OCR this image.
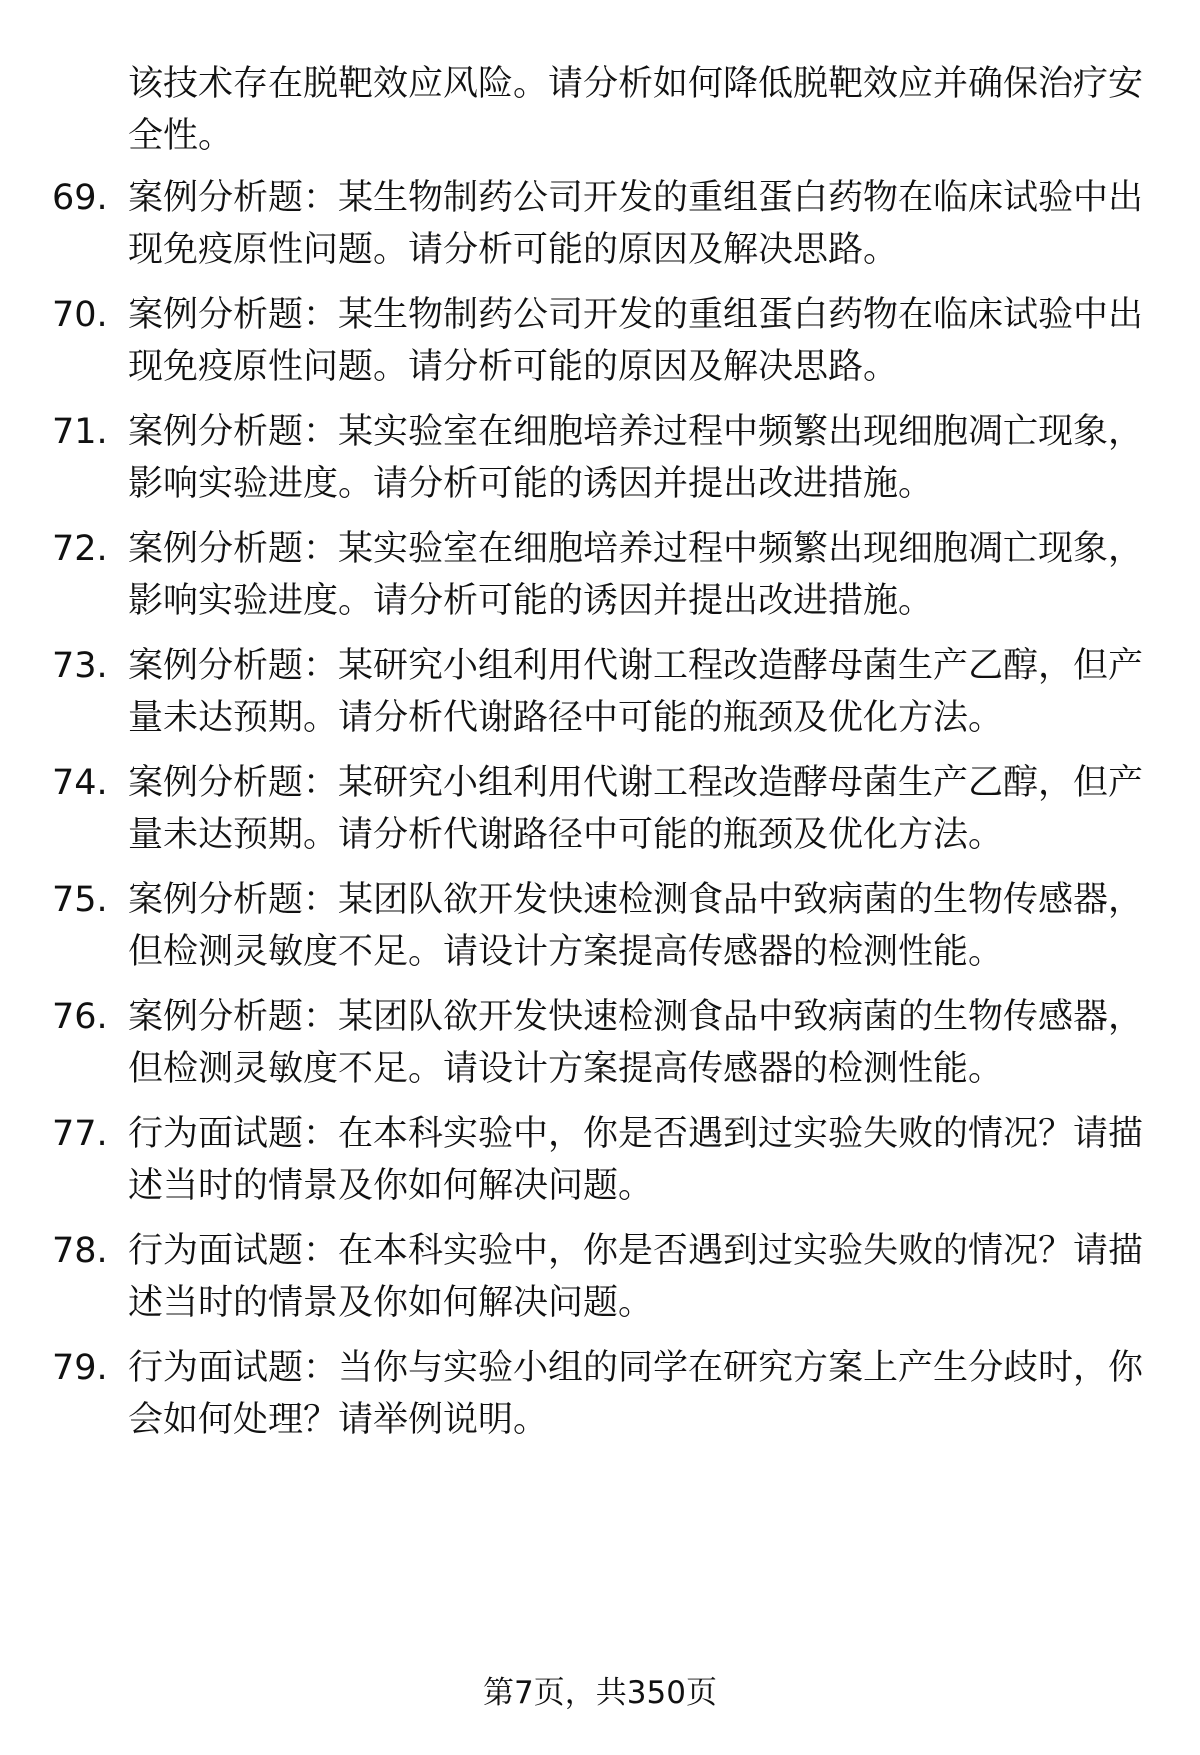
该技术存在脱靶效应风险。请分析如何降低脱靶效应并确保治疗安全性。
69. 案例分析题：某生物制药公司开发的重组蛋白药物在临床试验中出现免疫原性问题。请分析可能的原因及解决思路。
70. 案例分析题：某生物制药公司开发的重组蛋白药物在临床试验中出现免疫原性问题。请分析可能的原因及解决思路。
71. 案例分析题：某实验室在细胞培养过程中频繁出现细胞凋亡现象，影响实验进度。请分析可能的诱因并提出改进措施。
72. 案例分析题：某实验室在细胞培养过程中频繁出现细胞凋亡现象，影响实验进度。请分析可能的诱因并提出改进措施。
73. 案例分析题：某研究小组利用代谢工程改造酵母菌生产乙醇，但产量未达预期。请分析代谢路径中可能的瓶颈及优化方法。
74. 案例分析题：某研究小组利用代谢工程改造酵母菌生产乙醇，但产量未达预期。请分析代谢路径中可能的瓶颈及优化方法。
75. 案例分析题：某团队欲开发快速检测食品中致病菌的生物传感器，但检测灵敏度不足。请设计方案提高传感器的检测性能。
76. 案例分析题：某团队欲开发快速检测食品中致病菌的生物传感器，但检测灵敏度不足。请设计方案提高传感器的检测性能。
77. 行为面试题：在本科实验中，你是否遇到过实验失败的情况？请描述当时的情景及你如何解决问题。
78. 行为面试题：在本科实验中，你是否遇到过实验失败的情况？请描述当时的情景及你如何解决问题。
79. 行为面试题：当你与实验小组的同学在研究方案上产生分歧时，你会如何处理？请举例说明。
第7页，共350页
